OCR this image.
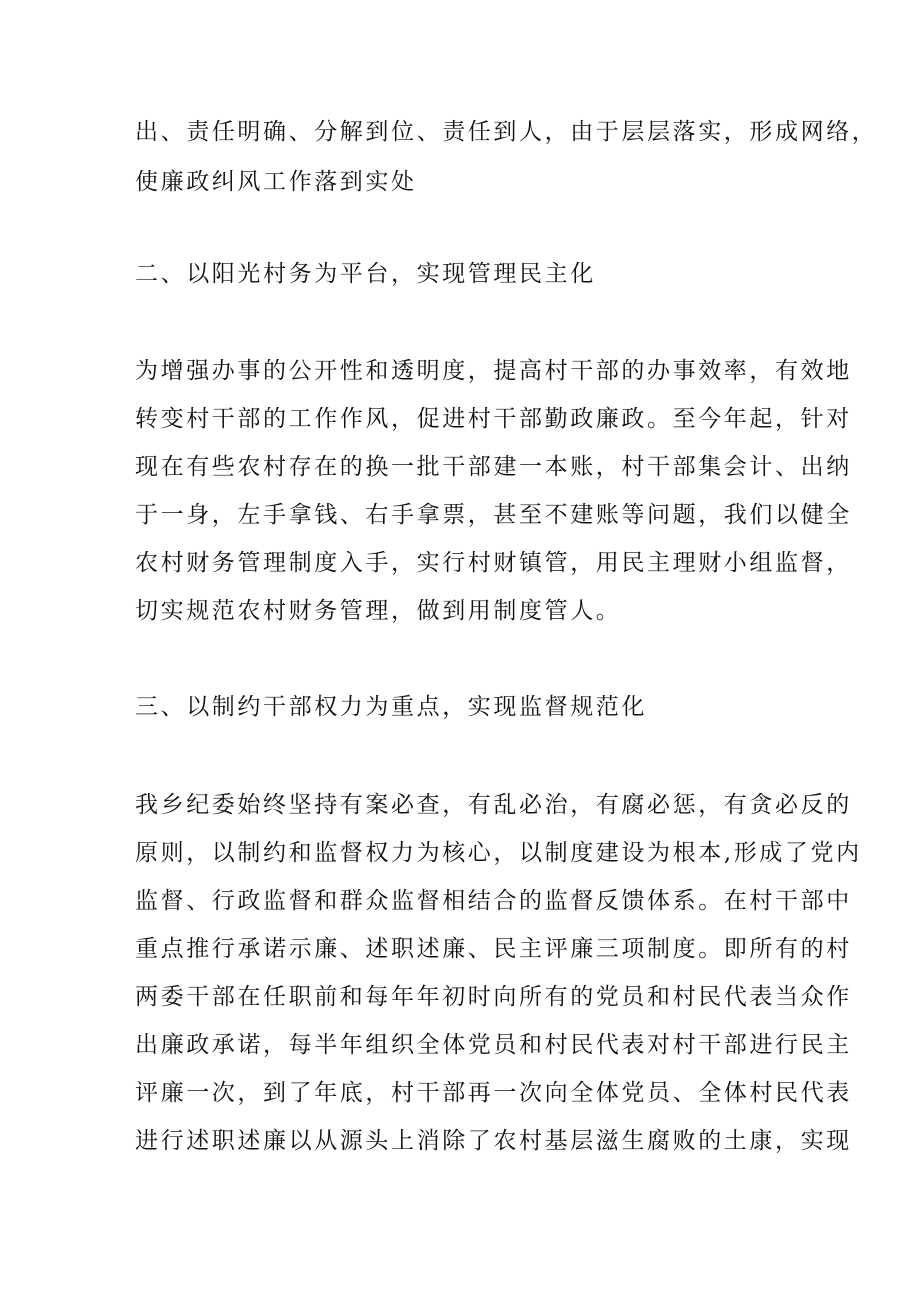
出、责任明确、分解到位、责任到人，由于层层落实，形成网络，

使廉政纠风工作落到实处

二、以阳光村务为平台，实现管理民主化

为增强办事的公开性和透明度，提高村干部的办事效率，有效地

转变村干部的工作作风，促进村干部勤政廉政。至今年起，针对

现在有些农村存在的换一批干部建一本账，村干部集会计、出纳

于一身，左手拿钱、右手拿票，甚至不建账等问题，我们以健全

农村财务管理制度入手，实行村财镇管，用民主理财小组监督，

切实规范农村财务管理，做到用制度管人。

三、以制约干部权力为重点，实现监督规范化

我乡纪委始终坚持有案必查，有乱必治，有腐必惩，有贪必反的

原则，以制约和监督权力为核心，以制度建设为根本,形成了党内

监督、行政监督和群众监督相结合的监督反馈体系。在村干部中

重点推行承诺示廉、述职述廉、民主评廉三项制度。即所有的村

两委干部在任职前和每年年初时向所有的党员和村民代表当众作

出廉政承诺，每半年组织全体党员和村民代表对村干部进行民主

评廉一次，到了年底，村干部再一次向全体党员、全体村民代表

进行述职述廉以从源头上消除了农村基层滋生腐败的土康，实现
